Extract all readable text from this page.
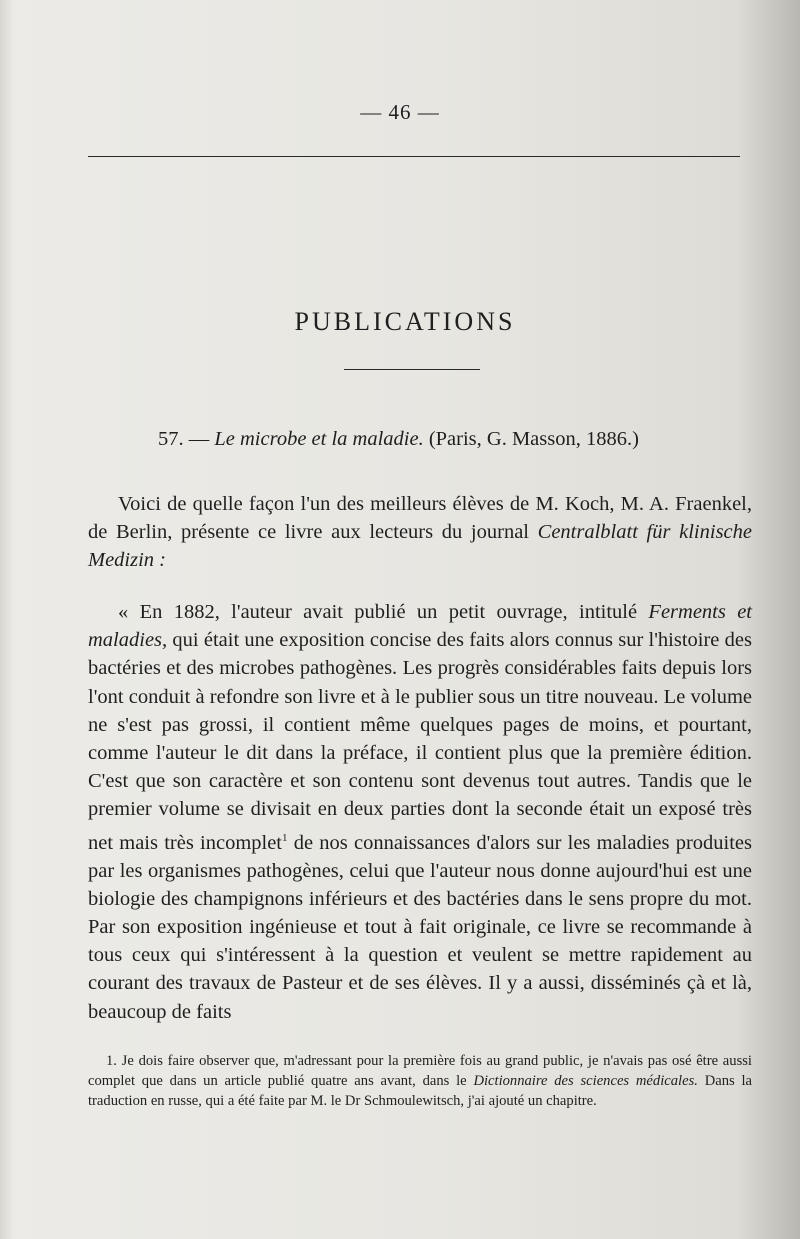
— 46 —
PUBLICATIONS
57. — Le microbe et la maladie. (Paris, G. Masson, 1886.)

Voici de quelle façon l'un des meilleurs élèves de M. Koch, M. A. Fraenkel, de Berlin, présente ce livre aux lecteurs du journal Centralblatt für klinische Medizin :

« En 1882, l'auteur avait publié un petit ouvrage, intitulé Ferments et maladies, qui était une exposition concise des faits alors connus sur l'histoire des bactéries et des microbes pathogènes. Les progrès considérables faits depuis lors l'ont conduit à refondre son livre et à le publier sous un titre nouveau. Le volume ne s'est pas grossi, il contient même quelques pages de moins, et pourtant, comme l'auteur le dit dans la préface, il contient plus que la première édition. C'est que son caractère et son contenu sont devenus tout autres. Tandis que le premier volume se divisait en deux parties dont la seconde était un exposé très net mais très incomplet$^1$ de nos connaissances d'alors sur les maladies produites par les organismes pathogènes, celui que l'auteur nous donne aujourd'hui est une biologie des champignons inférieurs et des bactéries dans le sens propre du mot. Par son exposition ingénieuse et tout à fait originale, ce livre se recommande à tous ceux qui s'intéressent à la question et veulent se mettre rapidement au courant des travaux de Pasteur et de ses élèves. Il y a aussi, disséminés çà et là, beaucoup de faits

1. Je dois faire observer que, m'adressant pour la première fois au grand public, je n'avais pas osé être aussi complet que dans un article publié quatre ans avant, dans le Dictionnaire des sciences médicales. Dans la traduction en russe, qui a été faite par M. le Dr Schmoulewitsch, j'ai ajouté un chapitre.
